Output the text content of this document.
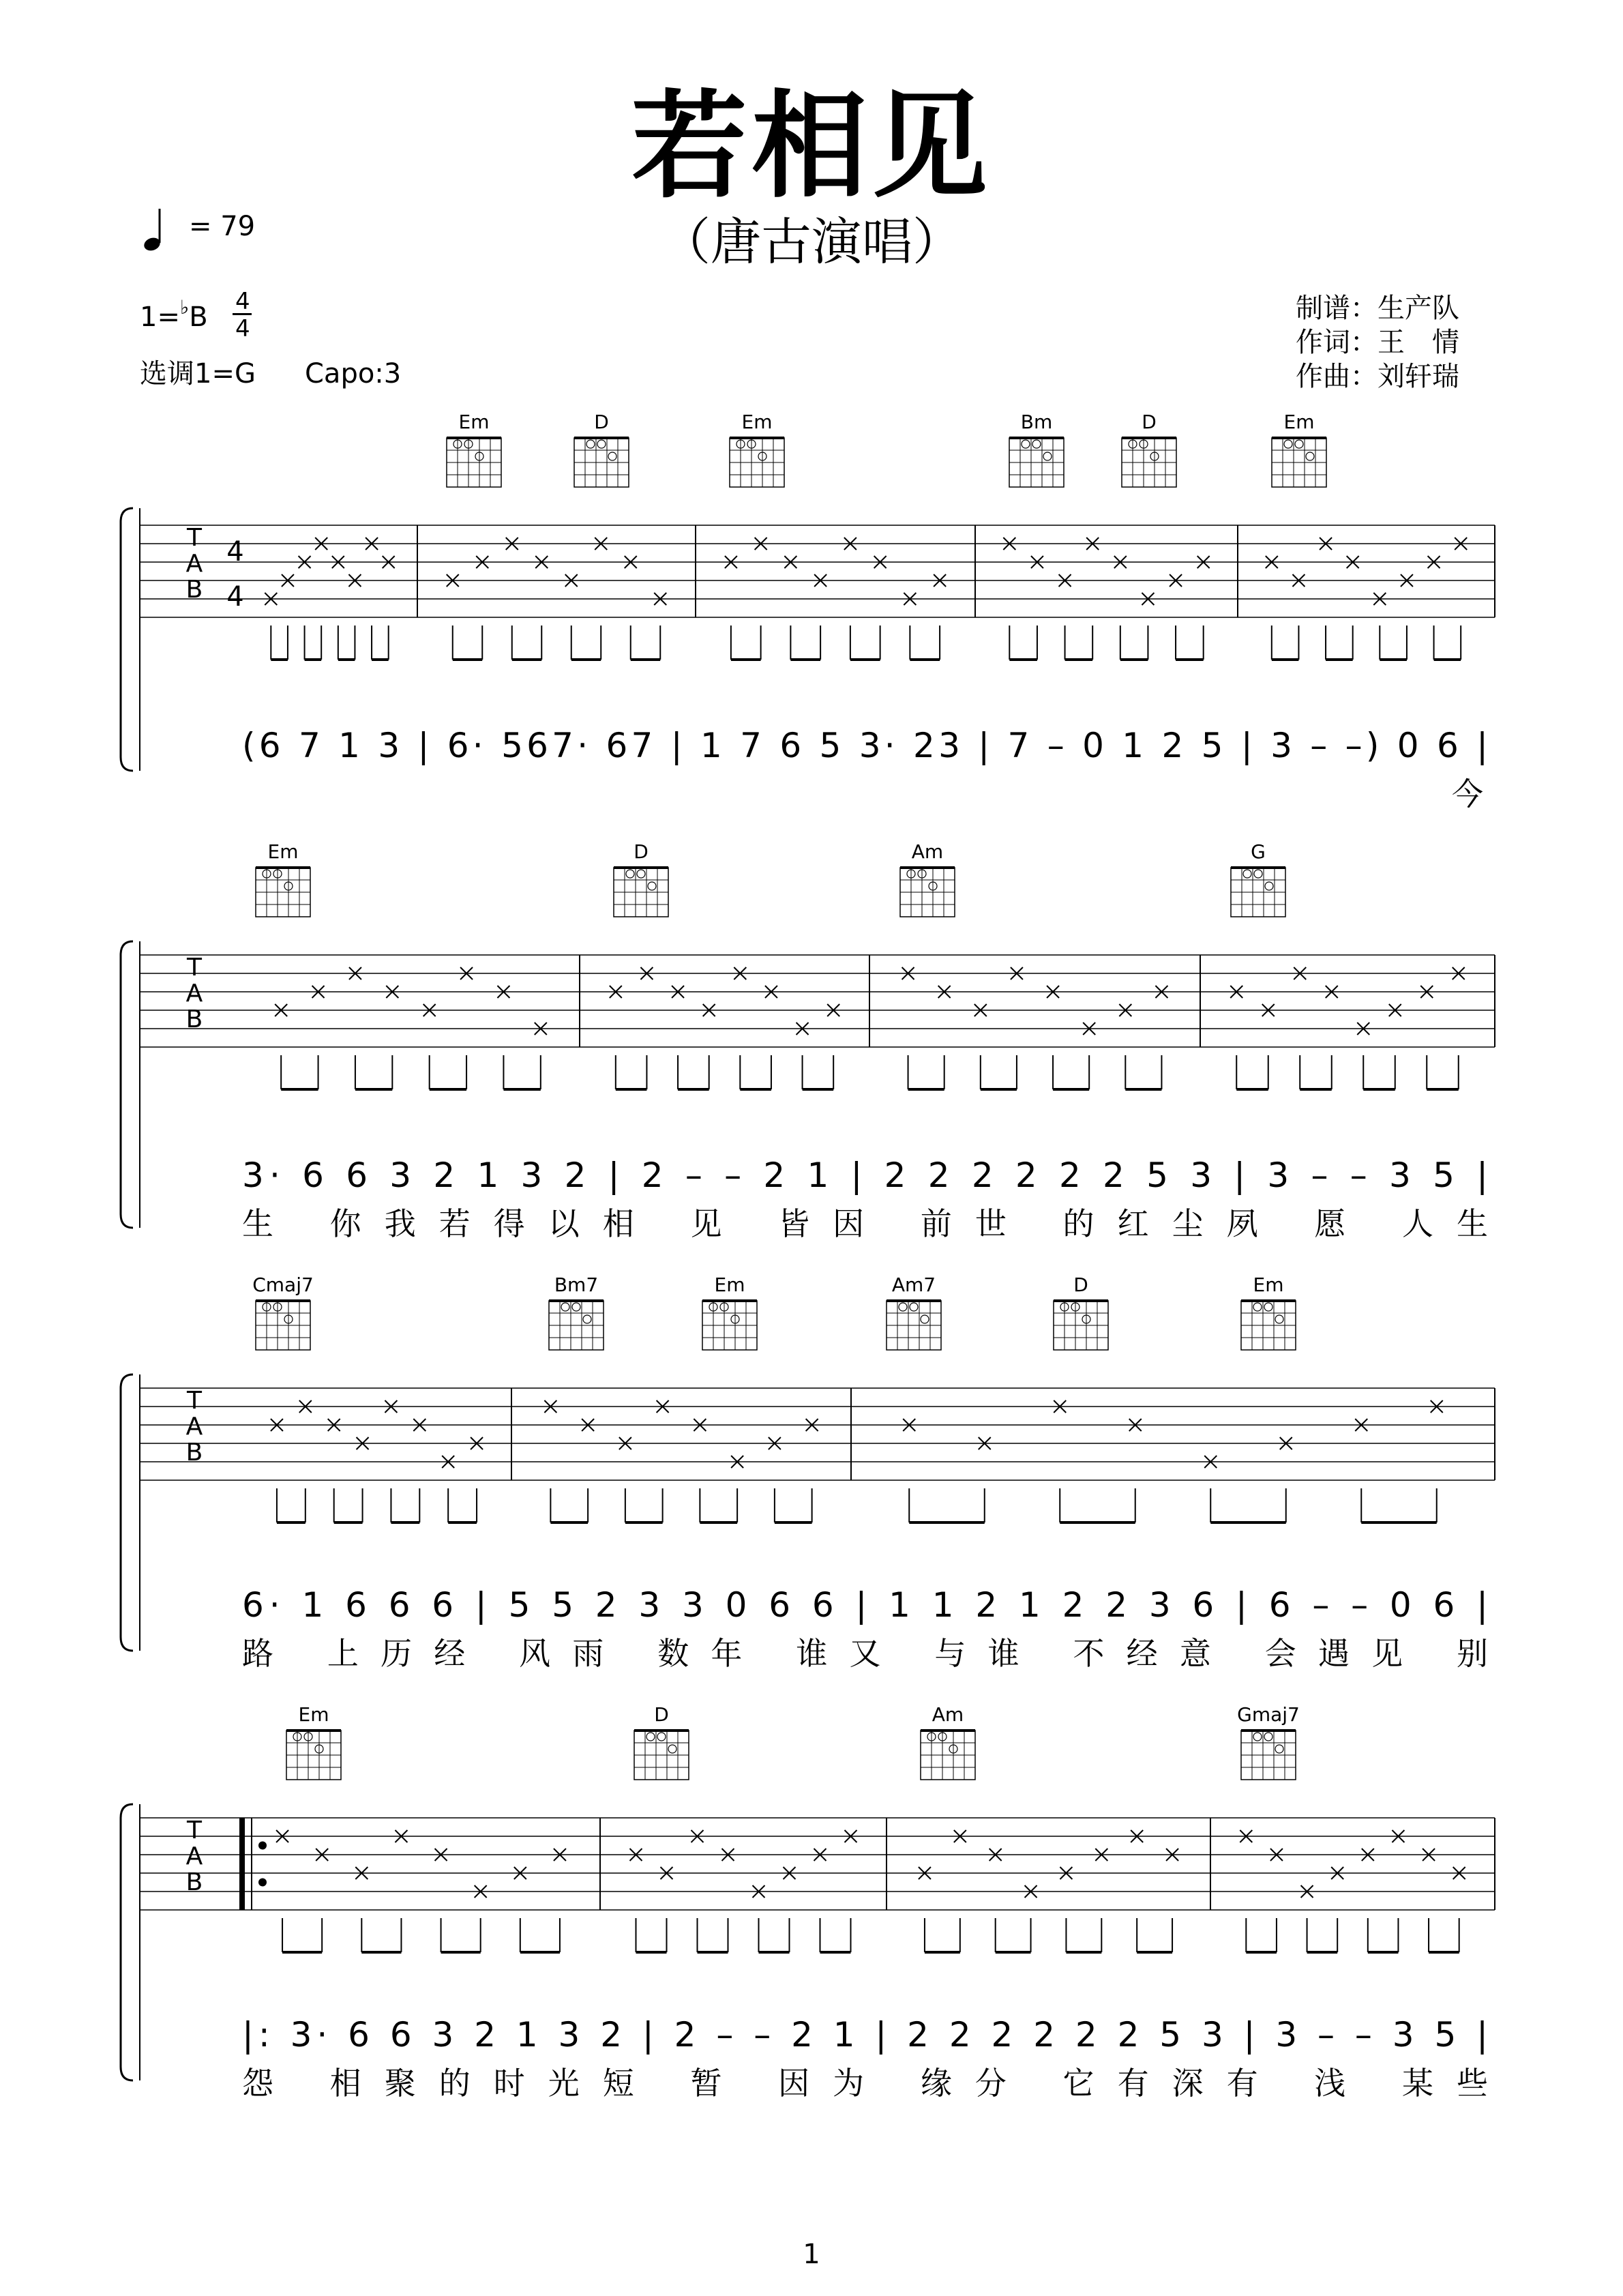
若相见
（唐古演唱）
= 79
1=♭B 4
4
选调1=G Capo:3
制谱：生产队
作词：王　情
作曲：刘轩瑞
Em	D	Em	Bm	D	Em
T
A
B
4
4
(6 7 1 3 | 6· 567· 67 | 1 7 6 5 3· 23 | 7 – 0 1 2 5 | 3 – –) 0 6 |
今
Em	D	Am	G
T
A
B
3· 6 6 3 2 1 3 2 | 2 – – 2 1 | 2 2 2 2 2 2 5 3 | 3 – – 3 5 |
生 你我若得以相 见 皆因 前世 的红尘夙 愿 人生
Cmaj7	Bm7	Em	Am7	D	Em
T
A
B
6· 1 6 6 6 | 5 5 2 3 3 0 6 6 | 1 1 2 1 2 2 3 6 | 6 – – 0 6 |
路 上历经 风雨 数年 谁又 与谁 不经意 会遇见 别
Em	D	Am	Gmaj7
T
A
B
|: 3· 6 6 3 2 1 3 2 | 2 – – 2 1 | 2 2 2 2 2 2 5 3 | 3 – – 3 5 |
怨 相聚的时光短 暂 因为 缘分 它有深有 浅 某些
1
